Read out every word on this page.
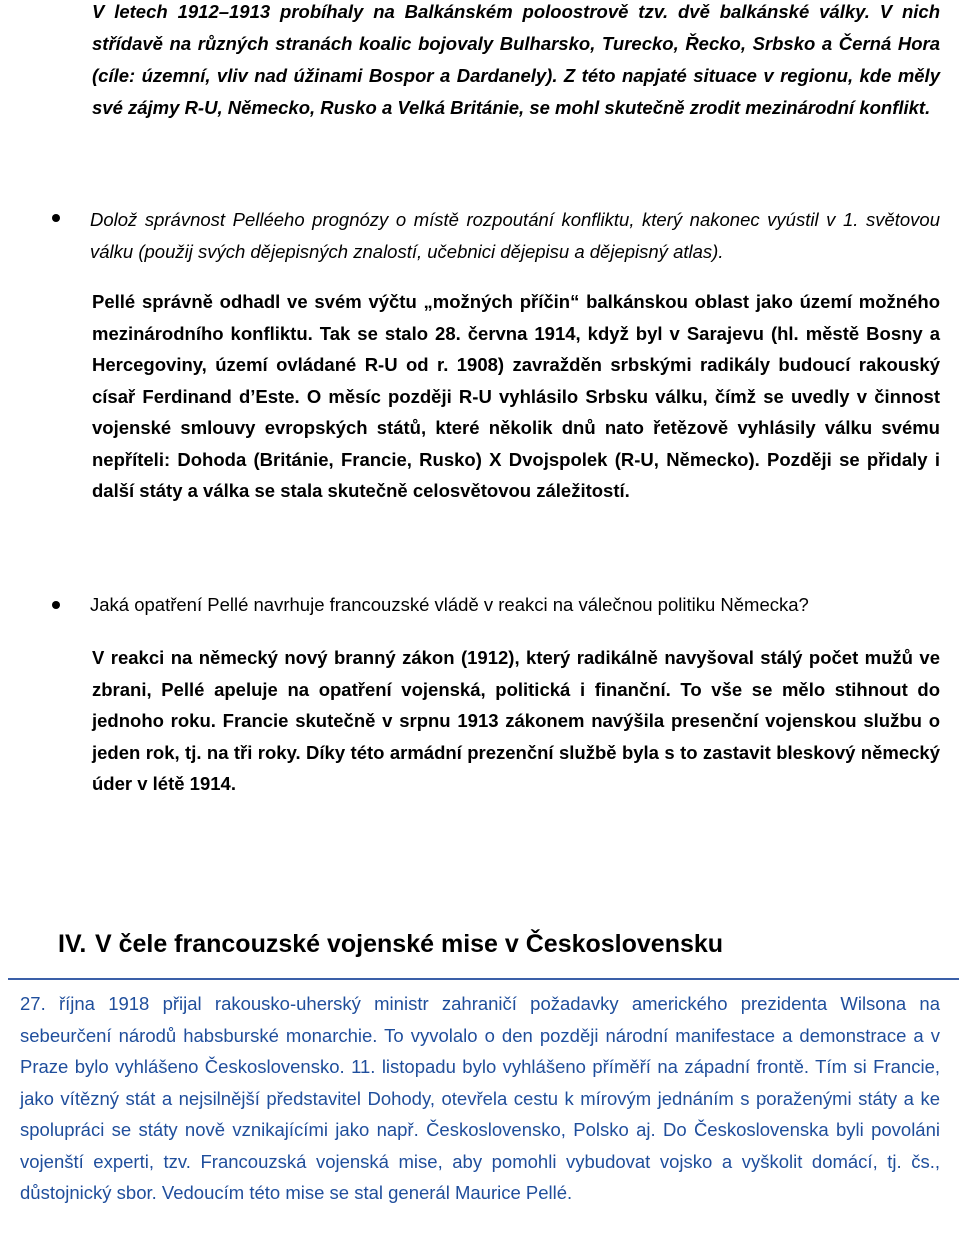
V letech 1912–1913 probíhaly na Balkánském poloostrově tzv. dvě balkánské války. V nich střídavě na různých stranách koalic bojovaly Bulharsko, Turecko, Řecko, Srbsko a Černá Hora (cíle: územní, vliv nad úžinami Bospor a Dardanely). Z této napjaté situace v regionu, kde měly své zájmy R-U, Německo, Rusko a Velká Británie, se mohl skutečně zrodit mezinárodní konflikt.
Dolož správnost Pelléeho prognózy o místě rozpoutání konfliktu, který nakonec vyústil v 1. světovou válku (použij svých dějepisných znalostí, učebnici dějepisu a dějepisný atlas).
Pellé správně odhadl ve svém výčtu „možných příčin“ balkánskou oblast jako území možného mezinárodního konfliktu. Tak se stalo 28. června 1914, když byl v Sarajevu (hl. městě Bosny a Hercegoviny, území ovládané R-U od r. 1908) zavražděn srbskými radikály budoucí rakouský císař Ferdinand d’Este. O měsíc později R-U vyhlásilo Srbsku válku, čímž se uvedly v činnost vojenské smlouvy evropských států, které několik dnů nato řetězově vyhlásily válku svému nepříteli: Dohoda (Británie, Francie, Rusko) X Dvojspolek (R-U, Německo). Později se přidaly i další státy a válka se stala skutečně celosvětovou záležitostí.
Jaká opatření Pellé navrhuje francouzské vládě v reakci na válečnou politiku Německa?
V reakci na německý nový branný zákon (1912), který radikálně navyšoval stálý počet mužů ve zbrani, Pellé apeluje na opatření vojenská, politická i finanční. To vše se mělo stihnout do jednoho roku. Francie skutečně v srpnu 1913 zákonem navýšila presenční vojenskou službu o jeden rok, tj. na tři roky. Díky této armádní prezenční službě byla s to zastavit bleskový německý úder v létě 1914.
IV. V čele francouzské vojenské mise v Československu
27. října 1918 přijal rakousko-uherský ministr zahraničí požadavky amerického prezidenta Wilsona na sebeurčení národů habsburské monarchie. To vyvolalo o den později národní manifestace a demonstrace a v Praze bylo vyhlášeno Československo. 11. listopadu bylo vyhlášeno příměří na západní frontě. Tím si Francie, jako vítězný stát a nejsilnější představitel Dohody, otevřela cestu k mírovým jednáním s poraženými státy a ke spolupráci se státy nově vznikajícími jako např. Československo, Polsko aj. Do Československa byli povoláni vojenští experti, tzv. Francouzská vojenská mise, aby pomohli vybudovat vojsko a vyškolit domácí, tj. čs., důstojnický sbor. Vedoucím této mise se stal generál Maurice Pellé.
